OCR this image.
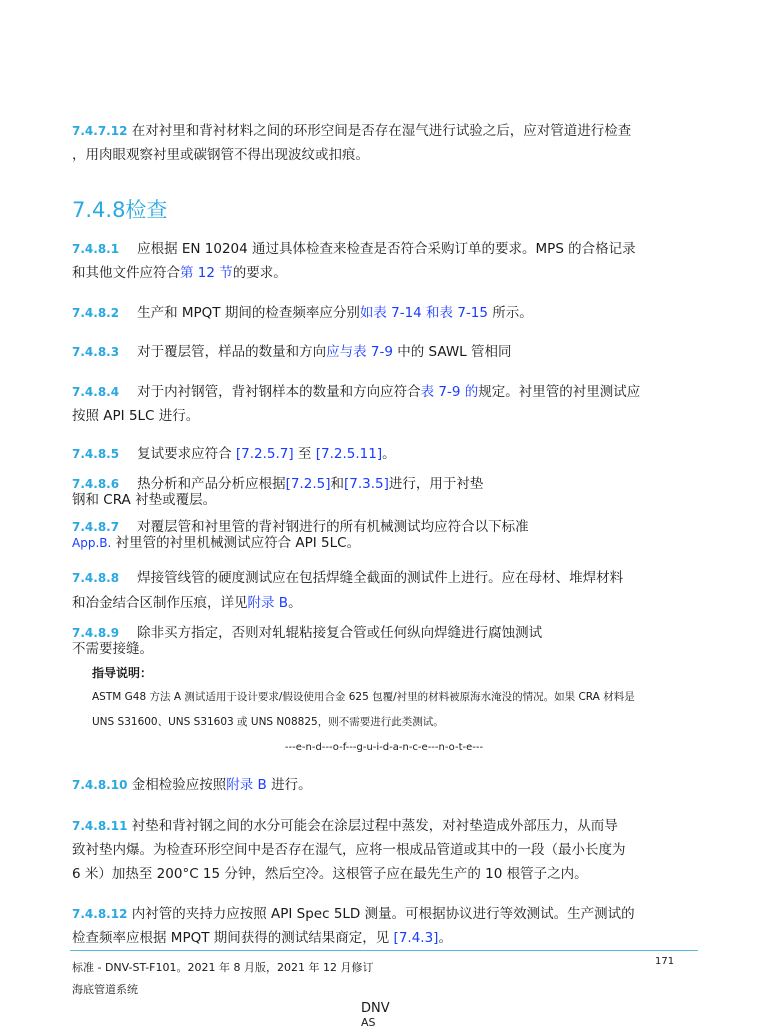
7.4.7.12 在对衬里和背衬材料之间的环形空间是否存在湿气进行试验之后，应对管道进行检查
，用肉眼观察衬里或碳钢管不得出现波纹或扣痕。
7.4.8检查
7.4.8.1 应根据 EN 10204 通过具体检查来检查是否符合采购订单的要求。MPS 的合格记录
和其他文件应符合第 12 节的要求。
7.4.8.2 生产和 MPQT 期间的检查频率应分别如表 7-14 和表 7-15 所示。
7.4.8.3 对于覆层管，样品的数量和方向应与表 7-9 中的 SAWL 管相同
7.4.8.4 对于内衬钢管，背衬钢样本的数量和方向应符合表 7-9 的规定。衬里管的衬里测试应
按照 API 5LC 进行。
7.4.8.5 复试要求应符合 [7.2.5.7] 至 [7.2.5.11]。
7.4.8.6 热分析和产品分析应根据[7.2.5]和[7.3.5]进行，用于衬垫
钢和 CRA 衬垫或覆层。
7.4.8.7 对覆层管和衬里管的背衬钢进行的所有机械测试均应符合以下标准
App.B. 衬里管的衬里机械测试应符合 API 5LC。
7.4.8.8 焊接管线管的硬度测试应在包括焊缝全截面的测试件上进行。应在母材、堆焊材料
和冶金结合区制作压痕，详见附录 B。
7.4.8.9 除非买方指定，否则对轧辊粘接复合管或任何纵向焊缝进行腐蚀测试
不需要接缝。
指导说明：
ASTM G48 方法 A 测试适用于设计要求/假设使用合金 625 包覆/衬里的材料被原海水淹没的情况。如果 CRA 材料是
UNS S31600、UNS S31603 或 UNS N08825，则不需要进行此类测试。
---e-n-d---o-f---g-u-i-d-a-n-c-e---n-o-t-e---
7.4.8.10 金相检验应按照附录 B 进行。
7.4.8.11 衬垫和背衬钢之间的水分可能会在涂层过程中蒸发，对衬垫造成外部压力，从而导
致衬垫内爆。为检查环形空间中是否存在湿气，应将一根成品管道或其中的一段（最小长度为
6 米）加热至 200°C 15 分钟，然后空冷。这根管子应在最先生产的 10 根管子之内。
7.4.8.12 内衬管的夹持力应按照 API Spec 5LD 测量。可根据协议进行等效测试。生产测试的
检查频率应根据 MPQT 期间获得的测试结果商定，见 [7.4.3]。
171
标准 - DNV-ST-F101。2021 年 8 月版，2021 年 12 月修订
海底管道系统
DNV
AS
